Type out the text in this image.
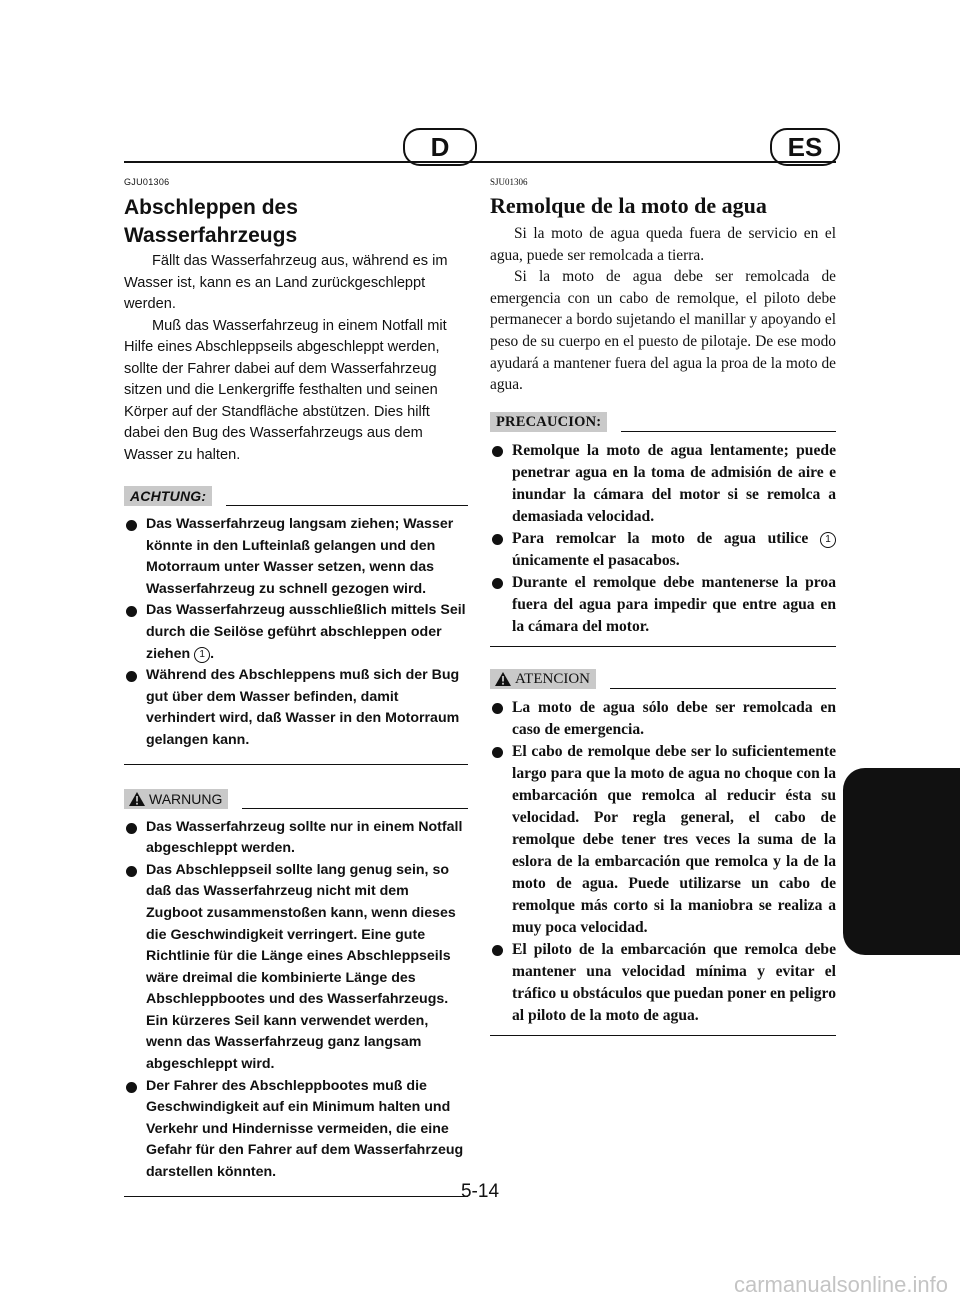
D	ES
GJU01306
Abschleppen des
Wasserfahrzeugs

Fällt das Wasserfahrzeug aus, während es im Wasser ist, kann es an Land zurückgeschleppt werden.

Muß das Wasserfahrzeug in einem Notfall mit Hilfe eines Abschleppseils abgeschleppt werden, sollte der Fahrer dabei auf dem Wasserfahrzeug sitzen und die Lenkergriffe festhalten und seinen Körper auf der Standfläche abstützen. Dies hilft dabei den Bug des Wasserfahrzeugs aus dem Wasser zu halten.

ACHTUNG:
Das Wasserfahrzeug langsam ziehen; Wasser könnte in den Lufteinlaß gelangen und den Motorraum unter Wasser setzen, wenn das Wasserfahrzeug zu schnell gezogen wird.
Das Wasserfahrzeug ausschließlich mittels Seil durch die Seilöse geführt abschleppen oder ziehen 1 .
Während des Abschleppens muß sich der Bug gut über dem Wasser befinden, damit verhindert wird, daß Wasser in den Motorraum gelangen kann.
WARNUNG
Das Wasserfahrzeug sollte nur in einem Notfall abgeschleppt werden.
Das Abschleppseil sollte lang genug sein, so daß das Wasserfahrzeug nicht mit dem Zugboot zusammenstoßen kann, wenn dieses die Geschwindigkeit verringert. Eine gute Richtlinie für die Länge eines Abschleppseils wäre dreimal die kombinierte Länge des Abschleppbootes und des Wasserfahrzeugs. Ein kürzeres Seil kann verwendet werden, wenn das Wasserfahrzeug ganz langsam abgeschleppt wird.
Der Fahrer des Abschleppbootes muß die Geschwindigkeit auf ein Minimum halten und Verkehr und Hindernisse vermeiden, die eine Gefahr für den Fahrer auf dem Wasserfahrzeug darstellen könnten.
SJU01306
Remolque de la moto de agua

Si la moto de agua queda fuera de servicio en el agua, puede ser remolcada a tierra.

Si la moto de agua debe ser remolcada de emergencia con un cabo de remolque, el piloto debe permanecer a bordo sujetando el manillar y apoyando el peso de su cuerpo en el puesto de pilotaje. De ese modo ayudará a mantener fuera del agua la proa de la moto de agua.

PRECAUCION:
Remolque la moto de agua lentamente; puede penetrar agua en la toma de admisión de aire e inundar la cámara del motor si se remolca a demasiada velocidad.
Para remolcar la moto de agua utilice 1 únicamente el pasacabos.
Durante el remolque debe mantenerse la proa fuera del agua para impedir que entre agua en la cámara del motor.
ATENCION
La moto de agua sólo debe ser remolcada en caso de emergencia.
El cabo de remolque debe ser lo suficientemente largo para que la moto de agua no choque con la embarcación que remolca al reducir ésta su velocidad. Por regla general, el cabo de remolque debe tener tres veces la suma de la eslora de la embarcación que remolca y la de la moto de agua. Puede utilizarse un cabo de remolque más corto si la maniobra se realiza a muy poca velocidad.
El piloto de la embarcación que remolca debe mantener una velocidad mínima y evitar el tráfico u obstáculos que puedan poner en peligro al piloto de la moto de agua.
5-14
carmanualsonline.info
